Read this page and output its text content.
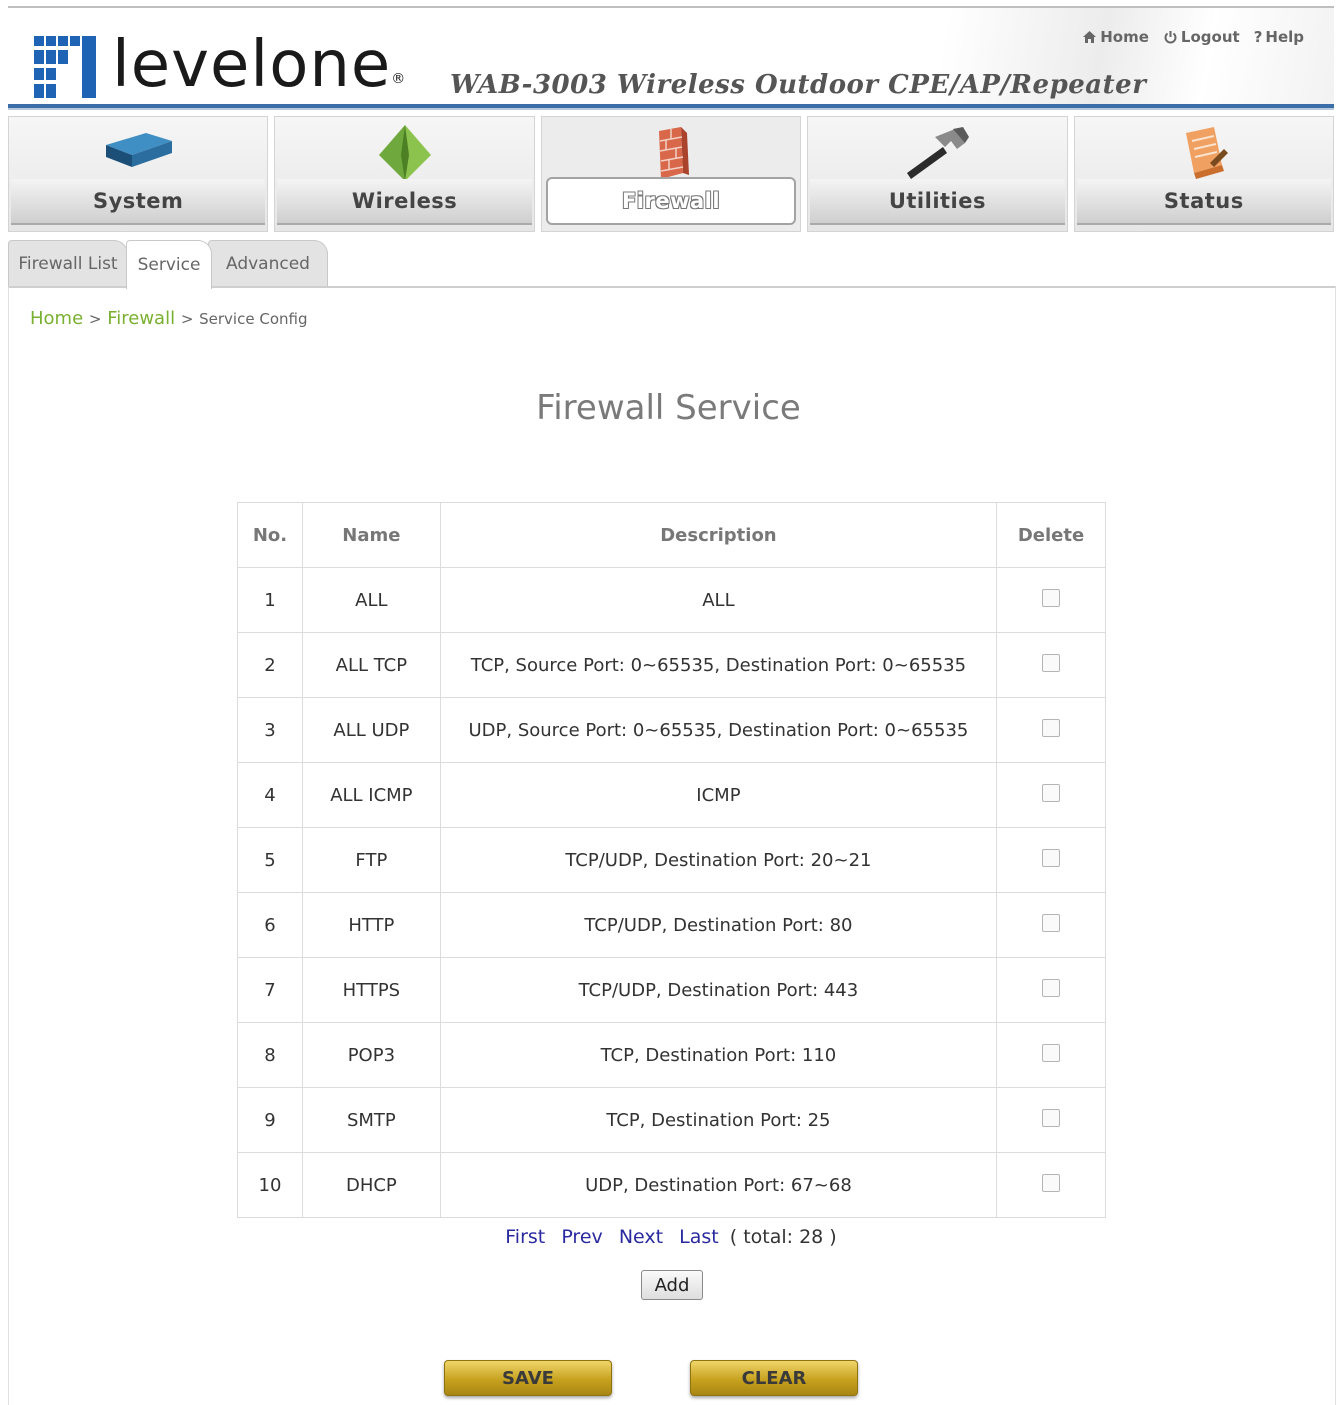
levelone® WAB-3003 Wireless Outdoor CPE/AP/Repeater
Home Logout ? Help
System	Wireless	Firewall	Utilities	Status
Firewall List	Advanced
Service
Home > Firewall > Service Config
Firewall Service
No.	Name	Description	Delete
1	ALL	ALL	
2	ALL TCP	TCP, Source Port: 0~65535, Destination Port: 0~65535	
3	ALL UDP	UDP, Source Port: 0~65535, Destination Port: 0~65535	
4	ALL ICMP	ICMP	
5	FTP	TCP/UDP, Destination Port: 20~21	
6	HTTP	TCP/UDP, Destination Port: 80	
7	HTTPS	TCP/UDP, Destination Port: 443	
8	POP3	TCP, Destination Port: 110	
9	SMTP	TCP, Destination Port: 25	
10	DHCP	UDP, Destination Port: 67~68	
First Prev Next Last ( total: 28 )
Add
SAVE	CLEAR
